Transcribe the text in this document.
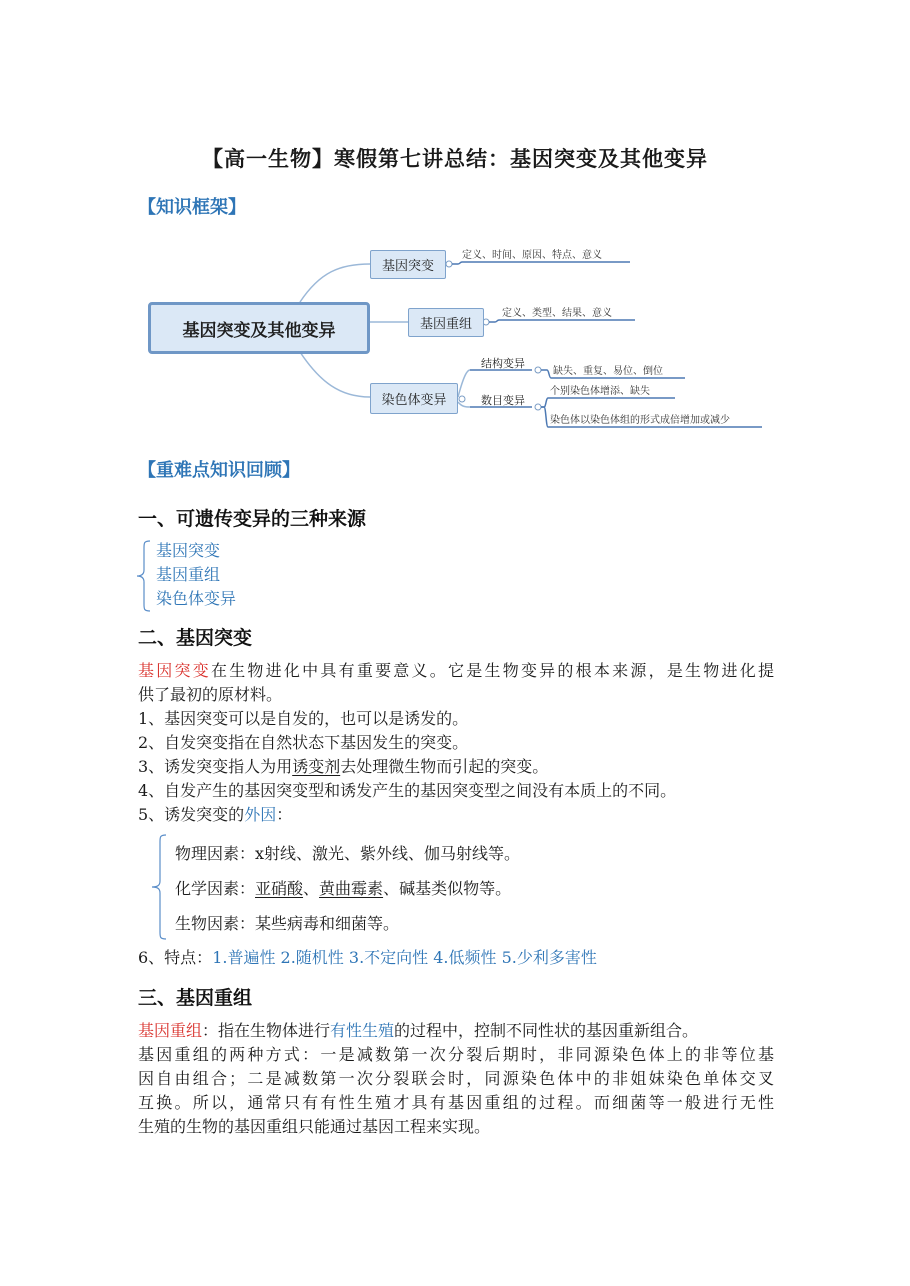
【高一生物】寒假第七讲总结：基因突变及其他变异
【知识框架】
基因突变及其他变异
基因突变
基因重组
染色体变异
定义、时间、原因、特点、意义
定义、类型、结果、意义
结构变异
数目变异
缺失、重复、易位、倒位
个别染色体增添、缺失
染色体以染色体组的形式成倍增加或减少
【重难点知识回顾】
一、可遗传变异的三种来源
基因突变
基因重组
染色体变异
二、基因突变
基因突变在生物进化中具有重要意义。它是生物变异的根本来源，是生物进化提
供了最初的原材料。
1、基因突变可以是自发的，也可以是诱发的。
2、自发突变指在自然状态下基因发生的突变。
3、诱发突变指人为用诱变剂去处理微生物而引起的突变。
4、自发产生的基因突变型和诱发产生的基因突变型之间没有本质上的不同。
5、诱发突变的外因：
物理因素：x射线、激光、紫外线、伽马射线等。
化学因素：亚硝酸、黄曲霉素、碱基类似物等。
生物因素：某些病毒和细菌等。
6、特点：1.普遍性 2.随机性 3.不定向性 4.低频性 5.少利多害性
三、基因重组
基因重组：指在生物体进行有性生殖的过程中，控制不同性状的基因重新组合。
基因重组的两种方式：一是减数第一次分裂后期时，非同源染色体上的非等位基
因自由组合；二是减数第一次分裂联会时，同源染色体中的非姐妹染色单体交叉
互换。所以，通常只有有性生殖才具有基因重组的过程。而细菌等一般进行无性
生殖的生物的基因重组只能通过基因工程来实现。
